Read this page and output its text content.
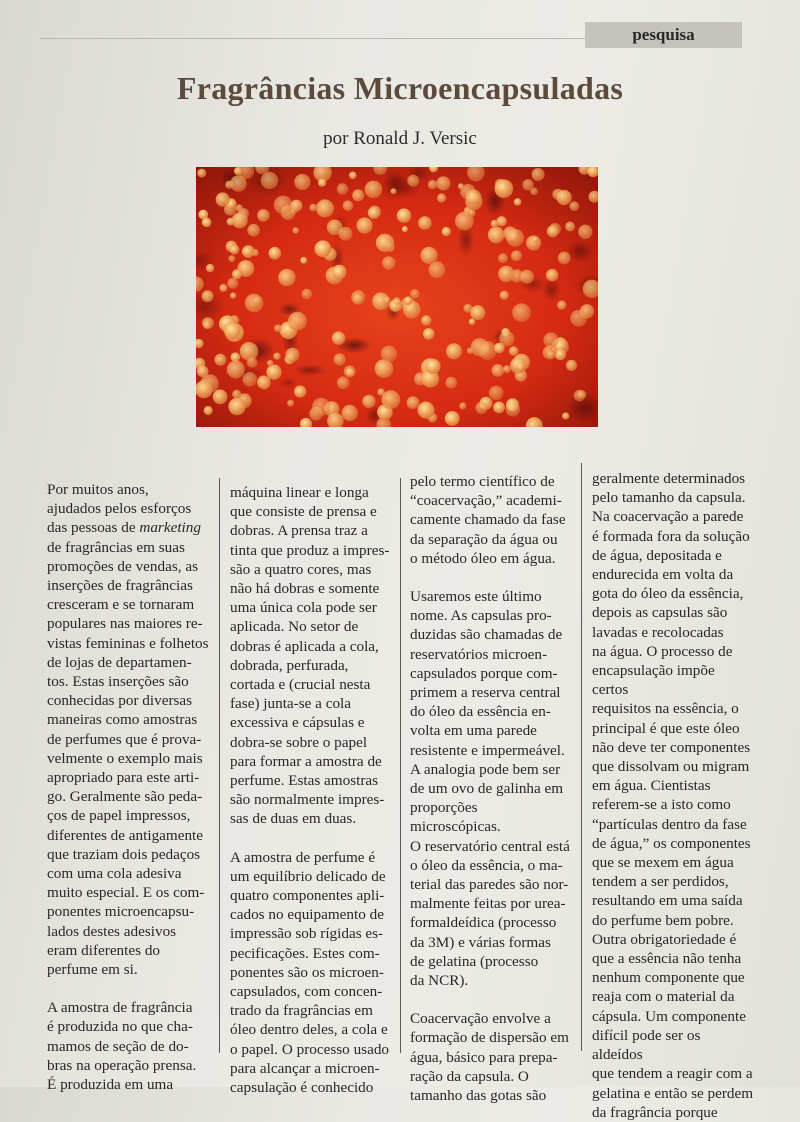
pesquisa
Fragrâncias Microencapsuladas
por Ronald J. Versic

Por muitos anos,
ajudados pelos esforços
das pessoas de marketing
de fragrâncias em suas
promoções de vendas, as
inserções de fragrâncias
cresceram e se tornaram
populares nas maiores re-
vistas femininas e folhetos
de lojas de departamen-
tos. Estas inserções são
conhecidas por diversas
maneiras como amostras
de perfumes que é prova-
velmente o exemplo mais
apropriado para este arti-
go. Geralmente são peda-
ços de papel impressos,
diferentes de antigamente
que traziam dois pedaços
com uma cola adesiva
muito especial. E os com-
ponentes microencapsu-
lados destes adesivos
eram diferentes do
perfume em si.

A amostra de fragrância
é produzida no que cha-
mamos de seção de do-
bras na operação prensa.
É produzida em uma

máquina linear e longa
que consiste de prensa e
dobras. A prensa traz a
tinta que produz a impres-
são a quatro cores, mas
não há dobras e somente
uma única cola pode ser
aplicada. No setor de
dobras é aplicada a cola,
dobrada, perfurada,
cortada e (crucial nesta
fase) junta-se a cola
excessiva e cápsulas e
dobra-se sobre o papel
para formar a amostra de
perfume. Estas amostras
são normalmente impres-
sas de duas em duas.

A amostra de perfume é
um equilíbrio delicado de
quatro componentes apli-
cados no equipamento de
impressão sob rígidas es-
pecificações. Estes com-
ponentes são os microen-
capsulados, com concen-
trado da fragrâncias em
óleo dentro deles, a cola e
o papel. O processo usado
para alcançar a microen-
capsulação é conhecido

pelo termo científico de
“coacervação,” academi-
camente chamado da fase
da separação da água ou
o método óleo em água.

Usaremos este último
nome. As capsulas pro-
duzidas são chamadas de
reservatórios microen-
capsulados porque com-
primem a reserva central
do óleo da essência en-
volta em uma parede
resistente e impermeável.
A analogia pode bem ser
de um ovo de galinha em
proporções microscópicas.
O reservatório central está
o óleo da essência, o ma-
terial das paredes são nor-
malmente feitas por urea-
formaldeídica (processo
da 3M) e várias formas
de gelatina (processo
da NCR).

Coacervação envolve a
formação de dispersão em
água, básico para prepa-
ração da capsula. O
tamanho das gotas são

geralmente determinados
pelo tamanho da capsula.
Na coacervação a parede
é formada fora da solução
de água, depositada e
endurecida em volta da
gota do óleo da essência,
depois as capsulas são
lavadas e recolocadas
na água. O processo de
encapsulação impõe certos
requisitos na essência, o
principal é que este óleo
não deve ter componentes
que dissolvam ou migram
em água. Cientistas
referem-se a isto como
“partículas dentro da fase
de água,” os componentes
que se mexem em água
tendem a ser perdidos,
resultando em uma saída
do perfume bem pobre.
Outra obrigatoriedade é
que a essência não tenha
nenhum componente que
reaja com o material da
cápsula. Um componente
difícil pode ser os aldeídos
que tendem a reagir com a
gelatina e então se perdem
da fragrância porque
